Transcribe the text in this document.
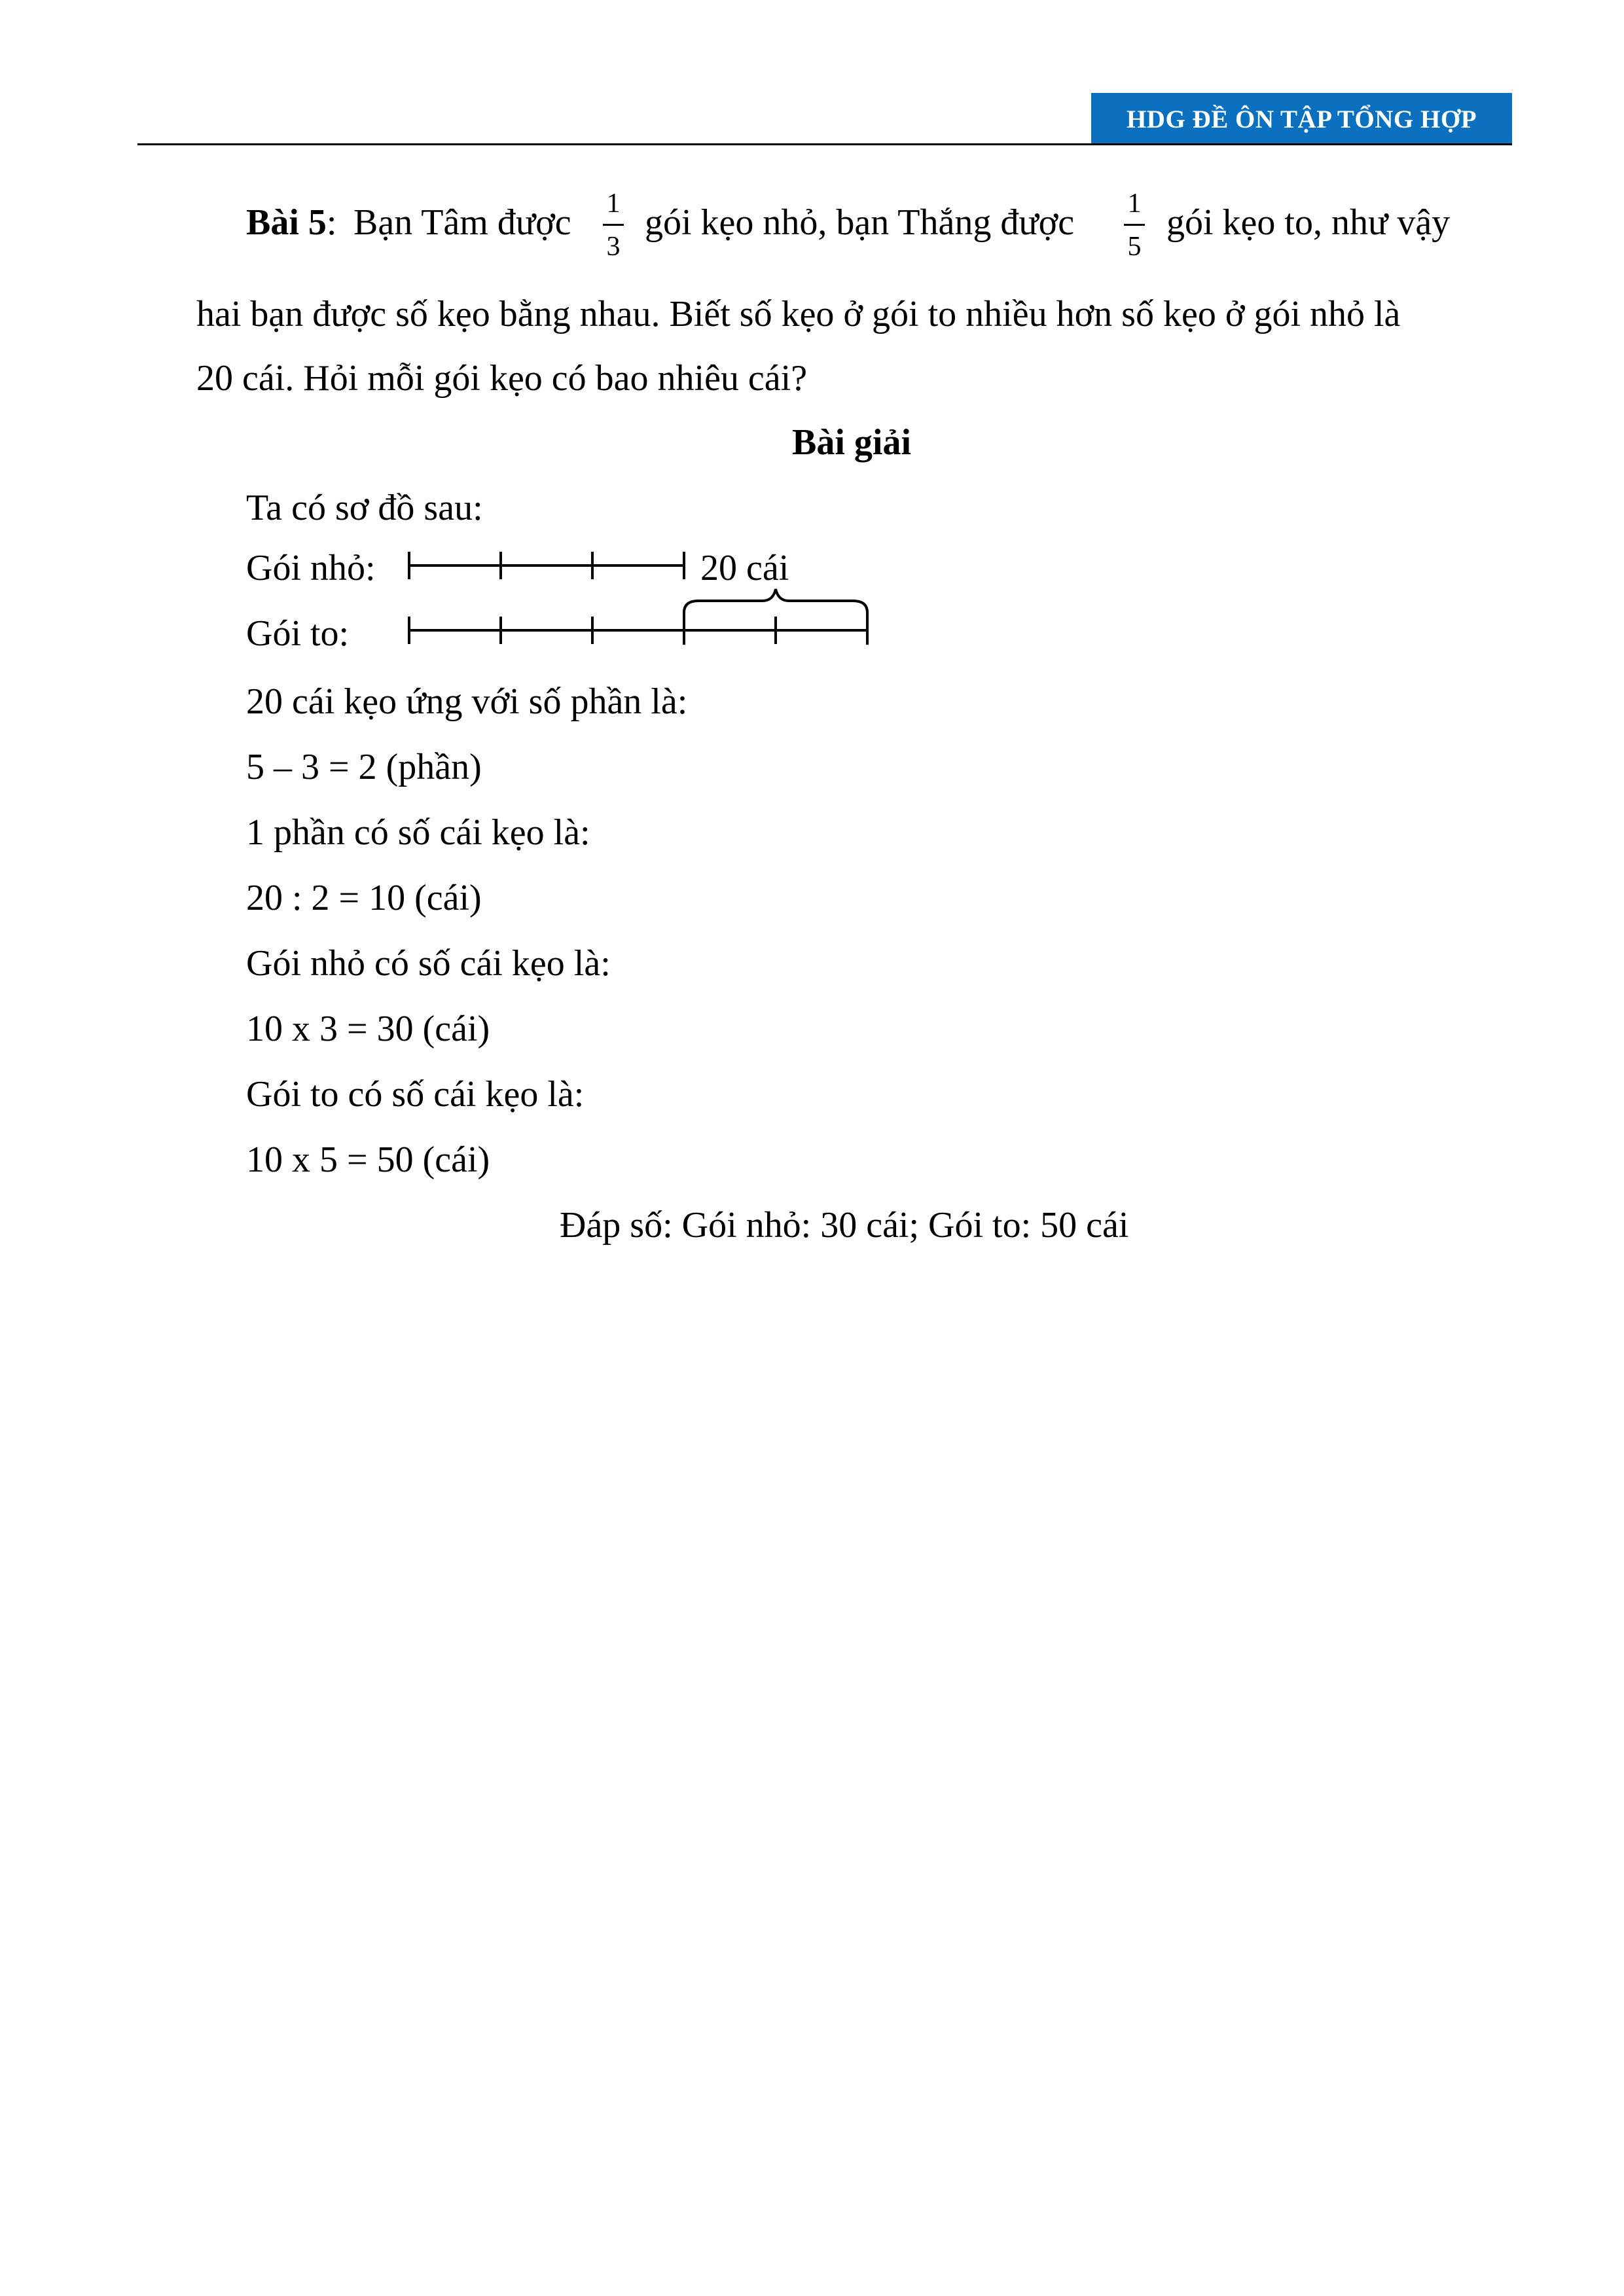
HDG ĐỀ ÔN TẬP TỔNG HỢP
Bài 5: Bạn Tâm được	1
3
gói kẹo nhỏ, bạn Thắng được	1
5
gói kẹo to, như vậy
hai bạn được số kẹo bằng nhau. Biết số kẹo ở gói to nhiều hơn số kẹo ở gói nhỏ là
20 cái. Hỏi mỗi gói kẹo có bao nhiêu cái?
Bài giải
Ta có sơ đồ sau:
Gói nhỏ:	20 cái
Gói to:
20 cái kẹo ứng với số phần là:
5 – 3 = 2 (phần)
1 phần có số cái kẹo là:
20 : 2 = 10 (cái)
Gói nhỏ có số cái kẹo là:
10 x 3 = 30 (cái)
Gói to có số cái kẹo là:
10 x 5 = 50 (cái)
Đáp số: Gói nhỏ: 30 cái; Gói to: 50 cái
